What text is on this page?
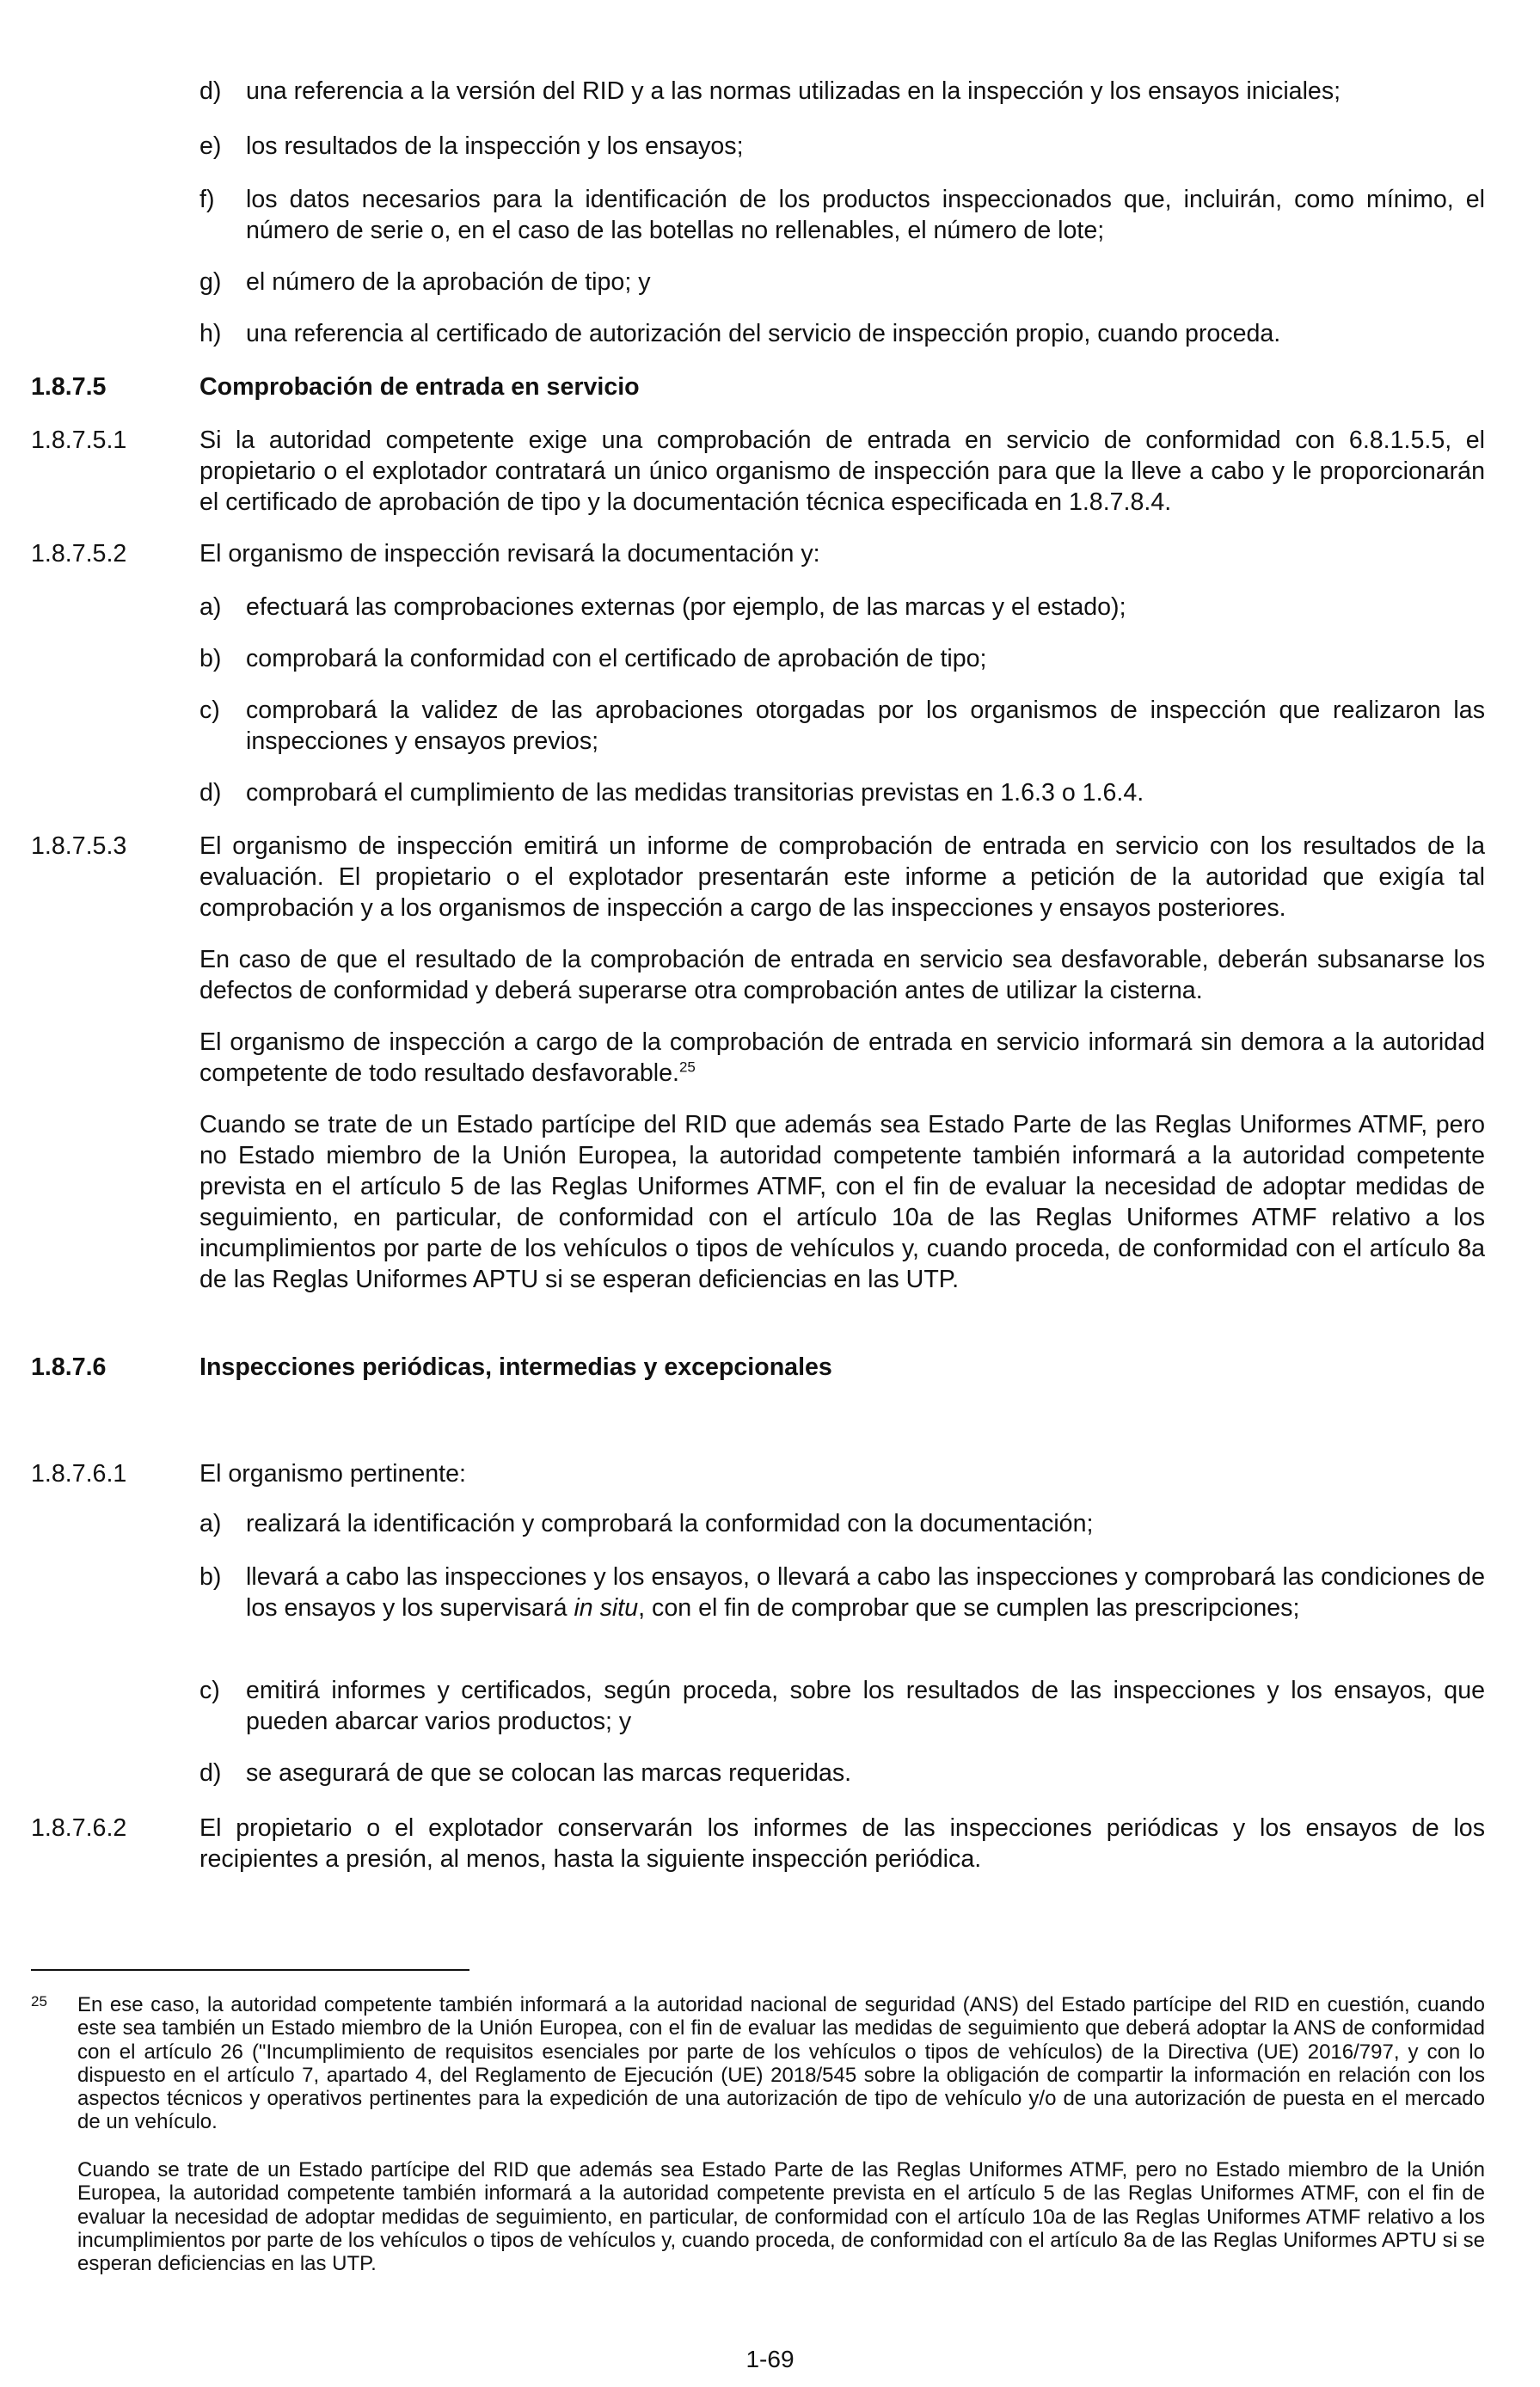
d) una referencia a la versión del RID y a las normas utilizadas en la inspección y los ensayos iniciales;
e) los resultados de la inspección y los ensayos;
f) los datos necesarios para la identificación de los productos inspeccionados que, incluirán, como mínimo, el número de serie o, en el caso de las botellas no rellenables, el número de lote;
g) el número de la aprobación de tipo; y
h) una referencia al certificado de autorización del servicio de inspección propio, cuando proceda.
1.8.7.5	Comprobación de entrada en servicio
1.8.7.5.1	Si la autoridad competente exige una comprobación de entrada en servicio de conformidad con 6.8.1.5.5, el propietario o el explotador contratará un único organismo de inspección para que la lleve a cabo y le proporcionarán el certificado de aprobación de tipo y la documentación técnica especificada en 1.8.7.8.4.
1.8.7.5.2	El organismo de inspección revisará la documentación y:
a) efectuará las comprobaciones externas (por ejemplo, de las marcas y el estado);
b) comprobará la conformidad con el certificado de aprobación de tipo;
c) comprobará la validez de las aprobaciones otorgadas por los organismos de inspección que realizaron las inspecciones y ensayos previos;
d) comprobará el cumplimiento de las medidas transitorias previstas en 1.6.3 o 1.6.4.
1.8.7.5.3	El organismo de inspección emitirá un informe de comprobación de entrada en servicio con los resultados de la evaluación. El propietario o el explotador presentarán este informe a petición de la autoridad que exigía tal comprobación y a los organismos de inspección a cargo de las inspecciones y ensayos posteriores.
En caso de que el resultado de la comprobación de entrada en servicio sea desfavorable, deberán subsanarse los defectos de conformidad y deberá superarse otra comprobación antes de utilizar la cisterna.
El organismo de inspección a cargo de la comprobación de entrada en servicio informará sin demora a la autoridad competente de todo resultado desfavorable.$^{25}$
Cuando se trate de un Estado partícipe del RID que además sea Estado Parte de las Reglas Uniformes ATMF, pero no Estado miembro de la Unión Europea, la autoridad competente también informará a la autoridad competente prevista en el artículo 5 de las Reglas Uniformes ATMF, con el fin de evaluar la necesidad de adoptar medidas de seguimiento, en particular, de conformidad con el artículo 10a de las Reglas Uniformes ATMF relativo a los incumplimientos por parte de los vehículos o tipos de vehículos y, cuando proceda, de conformidad con el artículo 8a de las Reglas Uniformes APTU si se esperan deficiencias en las UTP.
1.8.7.6	Inspecciones periódicas, intermedias y excepcionales
1.8.7.6.1	El organismo pertinente:
a) realizará la identificación y comprobará la conformidad con la documentación;
b) llevará a cabo las inspecciones y los ensayos, o llevará a cabo las inspecciones y comprobará las condiciones de los ensayos y los supervisará in situ, con el fin de comprobar que se cumplen las prescripciones;
c) emitirá informes y certificados, según proceda, sobre los resultados de las inspecciones y los ensayos, que pueden abarcar varios productos; y
d) se asegurará de que se colocan las marcas requeridas.
1.8.7.6.2	El propietario o el explotador conservarán los informes de las inspecciones periódicas y los ensayos de los recipientes a presión, al menos, hasta la siguiente inspección periódica.
25 En ese caso, la autoridad competente también informará a la autoridad nacional de seguridad (ANS) del Estado partícipe del RID en cuestión, cuando este sea también un Estado miembro de la Unión Europea, con el fin de evaluar las medidas de seguimiento que deberá adoptar la ANS de conformidad con el artículo 26 ("Incumplimiento de requisitos esenciales por parte de los vehículos o tipos de vehículos) de la Directiva (UE) 2016/797, y con lo dispuesto en el artículo 7, apartado 4, del Reglamento de Ejecución (UE) 2018/545 sobre la obligación de compartir la información en relación con los aspectos técnicos y operativos pertinentes para la expedición de una autorización de tipo de vehículo y/o de una autorización de puesta en el mercado de un vehículo.
Cuando se trate de un Estado partícipe del RID que además sea Estado Parte de las Reglas Uniformes ATMF, pero no Estado miembro de la Unión Europea, la autoridad competente también informará a la autoridad competente prevista en el artículo 5 de las Reglas Uniformes ATMF, con el fin de evaluar la necesidad de adoptar medidas de seguimiento, en particular, de conformidad con el artículo 10a de las Reglas Uniformes ATMF relativo a los incumplimientos por parte de los vehículos o tipos de vehículos y, cuando proceda, de conformidad con el artículo 8a de las Reglas Uniformes APTU si se esperan deficiencias en las UTP.
1-69
